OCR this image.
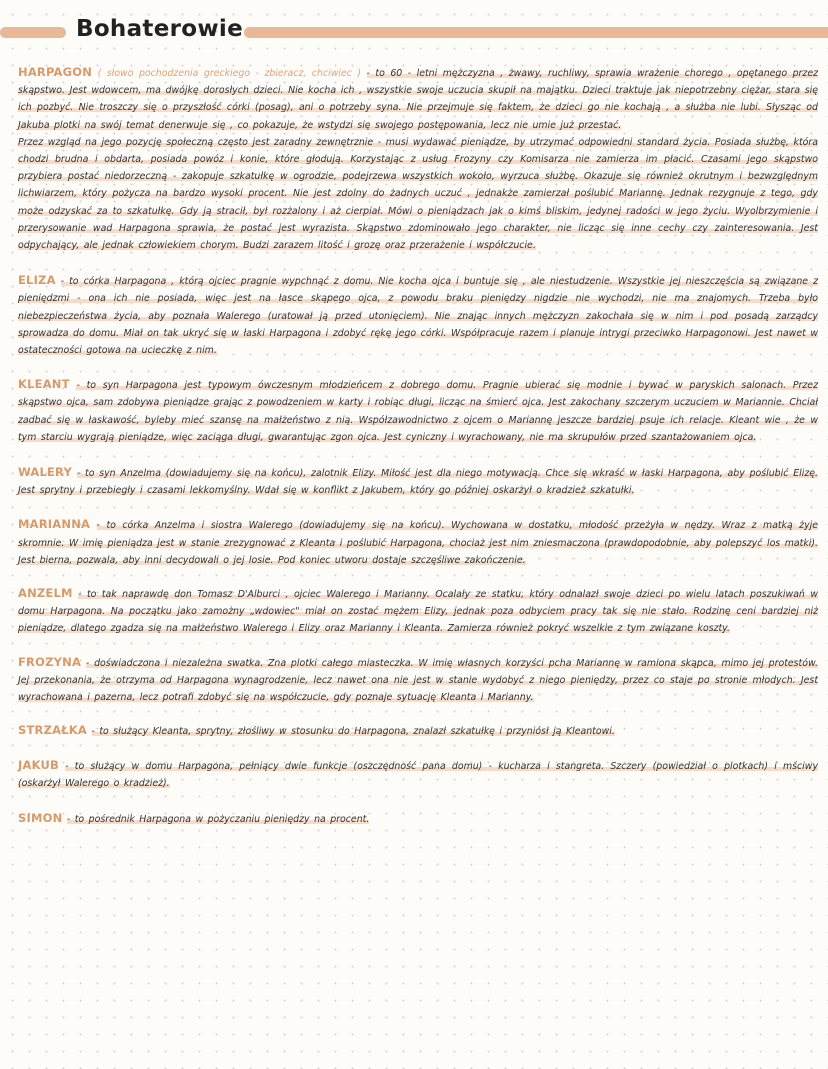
Bohaterowie

HARPAGON ( słowo pochodzenia greckiego - zbieracz, chciwiec ) - to 60 - letni mężczyzna , żwawy, ruchliwy, sprawia wrażenie chorego , opętanego przez skąpstwo. Jest wdowcem, ma dwójkę dorosłych dzieci. Nie kocha ich , wszystkie swoje uczucia skupił na majątku. Dzieci traktuje jak niepotrzebny ciężar, stara się ich pozbyć. Nie troszczy się o przyszłość córki (posag), ani o potrzeby syna. Nie przejmuje się faktem, że dzieci go nie kochają , a służba nie lubi. Słysząc od Jakuba plotki na swój temat denerwuje się , co pokazuje, że wstydzi się swojego postępowania, lecz nie umie już przestać.

Przez wzgląd na jego pozycję społeczną często jest zaradny zewnętrznie - musi wydawać pieniądze, by utrzymać odpowiedni standard życia. Posiada służbę, która chodzi brudna i obdarta, posiada powóz i konie, które głodują. Korzystając z usług Frozyny czy Komisarza nie zamierza im płacić. Czasami jego skąpstwo przybiera postać niedorzeczną - zakopuje szkatułkę w ogrodzie, podejrzewa wszystkich wokoło, wyrzuca służbę. Okazuje się również okrutnym i bezwzględnym lichwiarzem, który pożycza na bardzo wysoki procent. Nie jest zdolny do żadnych uczuć , jednakże zamierzał poślubić Mariannę. Jednak rezygnuje z tego, gdy może odzyskać za to szkatułkę. Gdy ją stracił, był rozżalony i aż cierpiał. Mówi o pieniądzach jak o kimś bliskim, jedynej radości w jego życiu. Wyolbrzymienie i przerysowanie wad Harpagona sprawia, że postać jest wyrazista. Skąpstwo zdominowało jego charakter, nie licząc się inne cechy czy zainteresowania. Jest odpychający, ale jednak człowiekiem chorym. Budzi zarazem litość i grozę oraz przerażenie i współczucie.

ELIZA - to córka Harpagona , którą ojciec pragnie wypchnąć z domu. Nie kocha ojca i buntuje się , ale niestudzenie. Wszystkie jej nieszczęścia są związane z pieniędzmi - ona ich nie posiada, więc jest na łasce skąpego ojca, z powodu braku pieniędzy nigdzie nie wychodzi, nie ma znajomych. Trzeba było niebezpieczeństwa życia, aby poznała Walerego (uratował ją przed utonięciem). Nie znając innych mężczyzn zakochała się w nim i pod posadą zarządcy sprowadza do domu. Miał on tak ukryć się w łaski Harpagona i zdobyć rękę jego córki. Współpracuje razem i planuje intrygi przeciwko Harpagonowi. Jest nawet w ostateczności gotowa na ucieczkę z nim.

KLEANT - to syn Harpagona jest typowym ówczesnym młodzieńcem z dobrego domu. Pragnie ubierać się modnie i bywać w paryskich salonach. Przez skąpstwo ojca, sam zdobywa pieniądze grając z powodzeniem w karty i robiąc długi, licząc na śmierć ojca. Jest zakochany szczerym uczuciem w Mariannie. Chciał zadbać się w łaskawość, byleby mieć szansę na małżeństwo z nią. Współzawodnictwo z ojcem o Mariannę jeszcze bardziej psuje ich relacje. Kleant wie , że w tym starciu wygrają pieniądze, więc zaciąga długi, gwarantując zgon ojca. Jest cyniczny i wyrachowany, nie ma skrupułów przed szantażowaniem ojca.

WALERY - to syn Anzelma (dowiadujemy się na końcu), zalotnik Elizy. Miłość jest dla niego motywacją. Chce się wkraść w łaski Harpagona, aby poślubić Elizę. Jest sprytny i przebiegły i czasami lekkomyślny. Wdał się w konflikt z Jakubem, który go później oskarżył o kradzież szkatułki.

MARIANNA - to córka Anzelma i siostra Walerego (dowiadujemy się na końcu). Wychowana w dostatku, młodość przeżyła w nędzy. Wraz z matką żyje skromnie. W imię pieniądza jest w stanie zrezygnować z Kleanta i poślubić Harpagona, chociaż jest nim zniesmaczona (prawdopodobnie, aby polepszyć los matki). Jest bierna, pozwala, aby inni decydowali o jej losie. Pod koniec utworu dostaje szczęśliwe zakończenie.

ANZELM - to tak naprawdę don Tomasz D'Alburci , ojciec Walerego i Marianny. Ocalały ze statku, który odnalazł swoje dzieci po wielu latach poszukiwań w domu Harpagona. Na początku jako zamożny „wdowiec" miał on zostać mężem Elizy, jednak poza odbyciem pracy tak się nie stało. Rodzinę ceni bardziej niż pieniądze, dlatego zgadza się na małżeństwo Walerego i Elizy oraz Marianny i Kleanta. Zamierza również pokryć wszelkie z tym związane koszty.

FROZYNA - doświadczona i niezależna swatka. Zna plotki całego miasteczka. W imię własnych korzyści pcha Mariannę w ramiona skąpca, mimo jej protestów. Jej przekonania, że otrzyma od Harpagona wynagrodzenie, lecz nawet ona nie jest w stanie wydobyć z niego pieniędzy, przez co staje po stronie młodych. Jest wyrachowana i pazerna, lecz potrafi zdobyć się na współczucie, gdy poznaje sytuację Kleanta i Marianny.

STRZAŁKA - to służący Kleanta, sprytny, złośliwy w stosunku do Harpagona, znalazł szkatułkę i przyniósł ją Kleantowi.

JAKUB - to służący w domu Harpagona, pełniący dwie funkcje (oszczędność pana domu) - kucharza i stangreta. Szczery (powiedział o plotkach) i mściwy (oskarżył Walerego o kradzież).

SIMON - to pośrednik Harpagona w pożyczaniu pieniędzy na procent.
